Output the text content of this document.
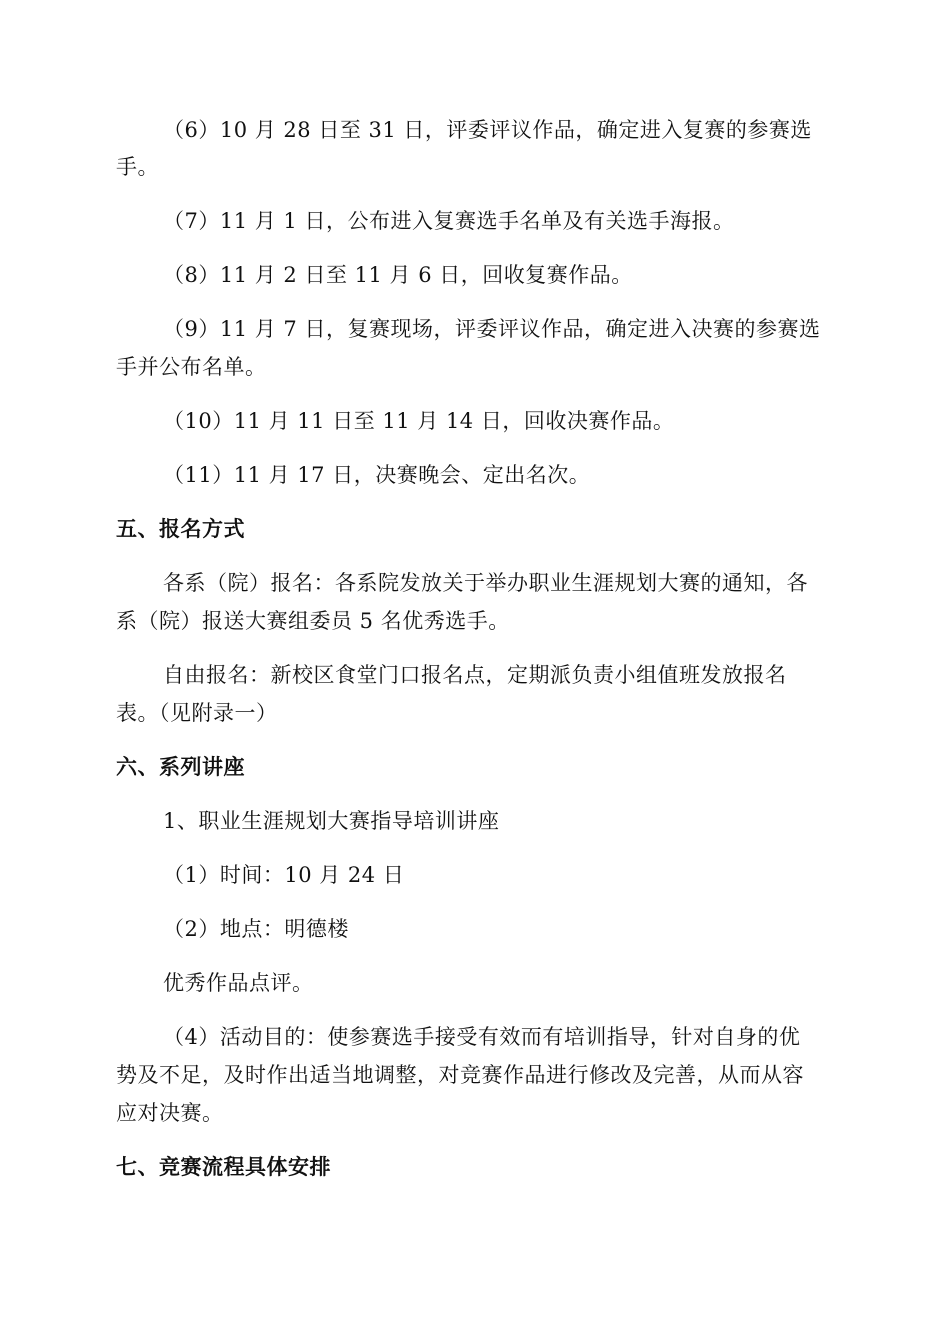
（6）10 月 28 日至 31 日，评委评议作品，确定进入复赛的参赛选
手。
（7）11 月 1 日，公布进入复赛选手名单及有关选手海报。
（8）11 月 2 日至 11 月 6 日，回收复赛作品。
（9）11 月 7 日，复赛现场，评委评议作品，确定进入决赛的参赛选
手并公布名单。
（10）11 月 11 日至 11 月 14 日，回收决赛作品。
（11）11 月 17 日，决赛晚会、定出名次。
五、报名方式
各系（院）报名：各系院发放关于举办职业生涯规划大赛的通知，各
系（院）报送大赛组委员 5 名优秀选手。
自由报名：新校区食堂门口报名点，定期派负责小组值班发放报名
表。（见附录一）
六、系列讲座
1、职业生涯规划大赛指导培训讲座
（1）时间：10 月 24 日
（2）地点：明德楼
优秀作品点评。
（4）活动目的：使参赛选手接受有效而有培训指导，针对自身的优
势及不足，及时作出适当地调整，对竞赛作品进行修改及完善，从而从容
应对决赛。
七、竞赛流程具体安排
